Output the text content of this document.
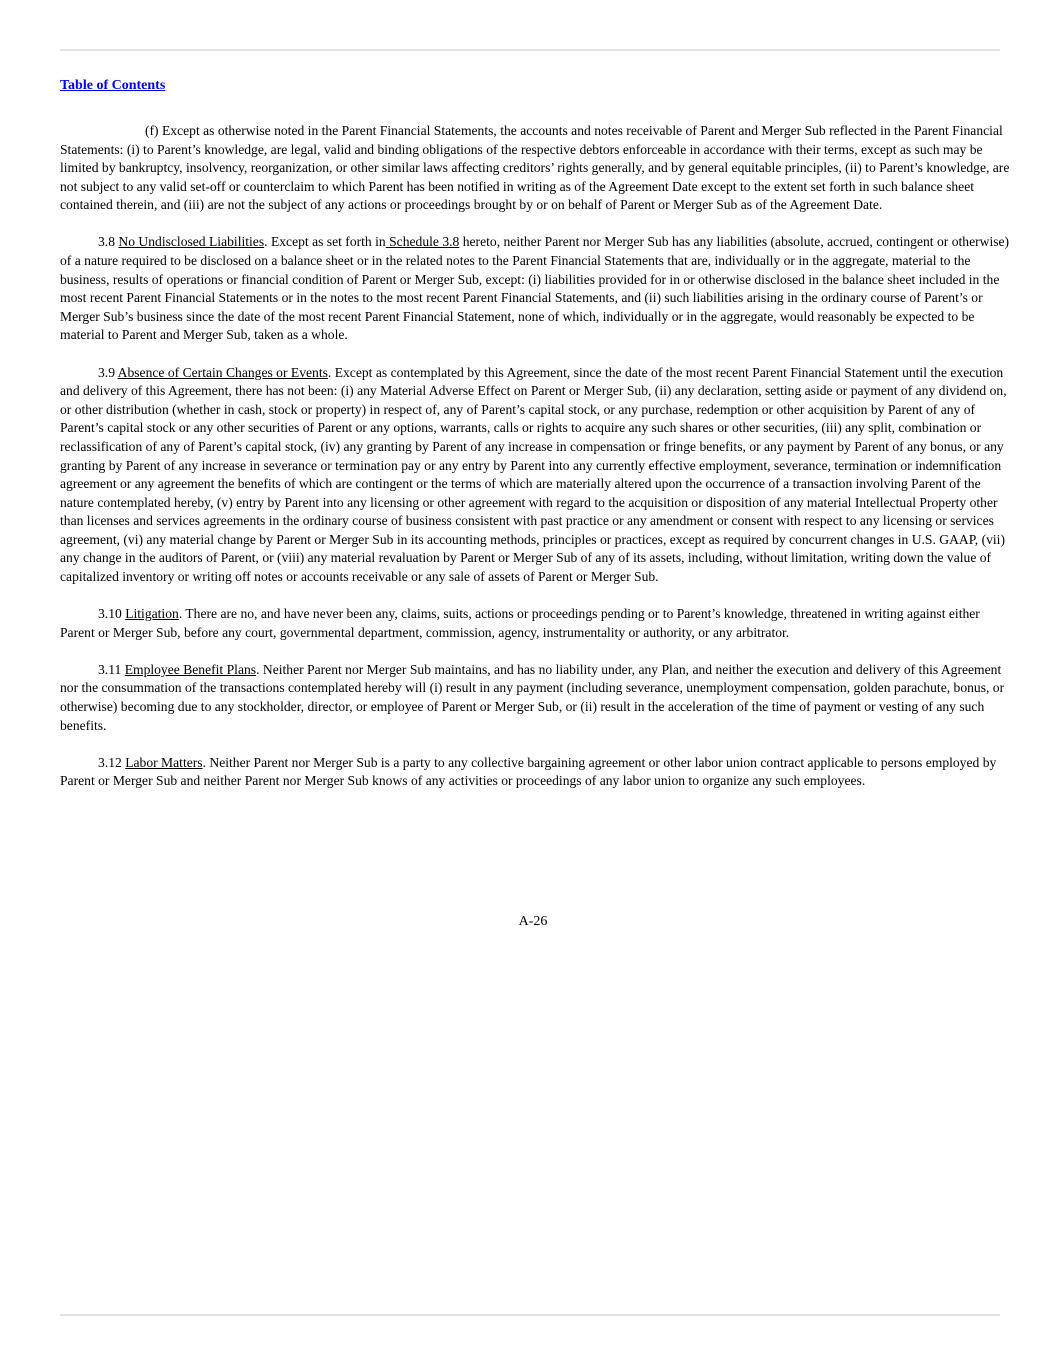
Table of Contents

(f) Except as otherwise noted in the Parent Financial Statements, the accounts and notes receivable of Parent and Merger Sub reflected in the Parent Financial Statements: (i) to Parent’s knowledge, are legal, valid and binding obligations of the respective debtors enforceable in accordance with their terms, except as such may be limited by bankruptcy, insolvency, reorganization, or other similar laws affecting creditors’ rights generally, and by general equitable principles, (ii) to Parent’s knowledge, are not subject to any valid set-off or counterclaim to which Parent has been notified in writing as of the Agreement Date except to the extent set forth in such balance sheet contained therein, and (iii) are not the subject of any actions or proceedings brought by or on behalf of Parent or Merger Sub as of the Agreement Date.

3.8 No Undisclosed Liabilities. Except as set forth in Schedule 3.8 hereto, neither Parent nor Merger Sub has any liabilities (absolute, accrued, contingent or otherwise) of a nature required to be disclosed on a balance sheet or in the related notes to the Parent Financial Statements that are, individually or in the aggregate, material to the business, results of operations or financial condition of Parent or Merger Sub, except: (i) liabilities provided for in or otherwise disclosed in the balance sheet included in the most recent Parent Financial Statements or in the notes to the most recent Parent Financial Statements, and (ii) such liabilities arising in the ordinary course of Parent’s or Merger Sub’s business since the date of the most recent Parent Financial Statement, none of which, individually or in the aggregate, would reasonably be expected to be material to Parent and Merger Sub, taken as a whole.

3.9 Absence of Certain Changes or Events. Except as contemplated by this Agreement, since the date of the most recent Parent Financial Statement until the execution and delivery of this Agreement, there has not been: (i) any Material Adverse Effect on Parent or Merger Sub, (ii) any declaration, setting aside or payment of any dividend on, or other distribution (whether in cash, stock or property) in respect of, any of Parent’s capital stock, or any purchase, redemption or other acquisition by Parent of any of Parent’s capital stock or any other securities of Parent or any options, warrants, calls or rights to acquire any such shares or other securities, (iii) any split, combination or reclassification of any of Parent’s capital stock, (iv) any granting by Parent of any increase in compensation or fringe benefits, or any payment by Parent of any bonus, or any granting by Parent of any increase in severance or termination pay or any entry by Parent into any currently effective employment, severance, termination or indemnification agreement or any agreement the benefits of which are contingent or the terms of which are materially altered upon the occurrence of a transaction involving Parent of the nature contemplated hereby, (v) entry by Parent into any licensing or other agreement with regard to the acquisition or disposition of any material Intellectual Property other than licenses and services agreements in the ordinary course of business consistent with past practice or any amendment or consent with respect to any licensing or services agreement, (vi) any material change by Parent or Merger Sub in its accounting methods, principles or practices, except as required by concurrent changes in U.S. GAAP, (vii) any change in the auditors of Parent, or (viii) any material revaluation by Parent or Merger Sub of any of its assets, including, without limitation, writing down the value of capitalized inventory or writing off notes or accounts receivable or any sale of assets of Parent or Merger Sub.

3.10 Litigation. There are no, and have never been any, claims, suits, actions or proceedings pending or to Parent’s knowledge, threatened in writing against either Parent or Merger Sub, before any court, governmental department, commission, agency, instrumentality or authority, or any arbitrator.

3.11 Employee Benefit Plans. Neither Parent nor Merger Sub maintains, and has no liability under, any Plan, and neither the execution and delivery of this Agreement nor the consummation of the transactions contemplated hereby will (i) result in any payment (including severance, unemployment compensation, golden parachute, bonus, or otherwise) becoming due to any stockholder, director, or employee of Parent or Merger Sub, or (ii) result in the acceleration of the time of payment or vesting of any such benefits.

3.12 Labor Matters. Neither Parent nor Merger Sub is a party to any collective bargaining agreement or other labor union contract applicable to persons employed by Parent or Merger Sub and neither Parent nor Merger Sub knows of any activities or proceedings of any labor union to organize any such employees.

A-26
